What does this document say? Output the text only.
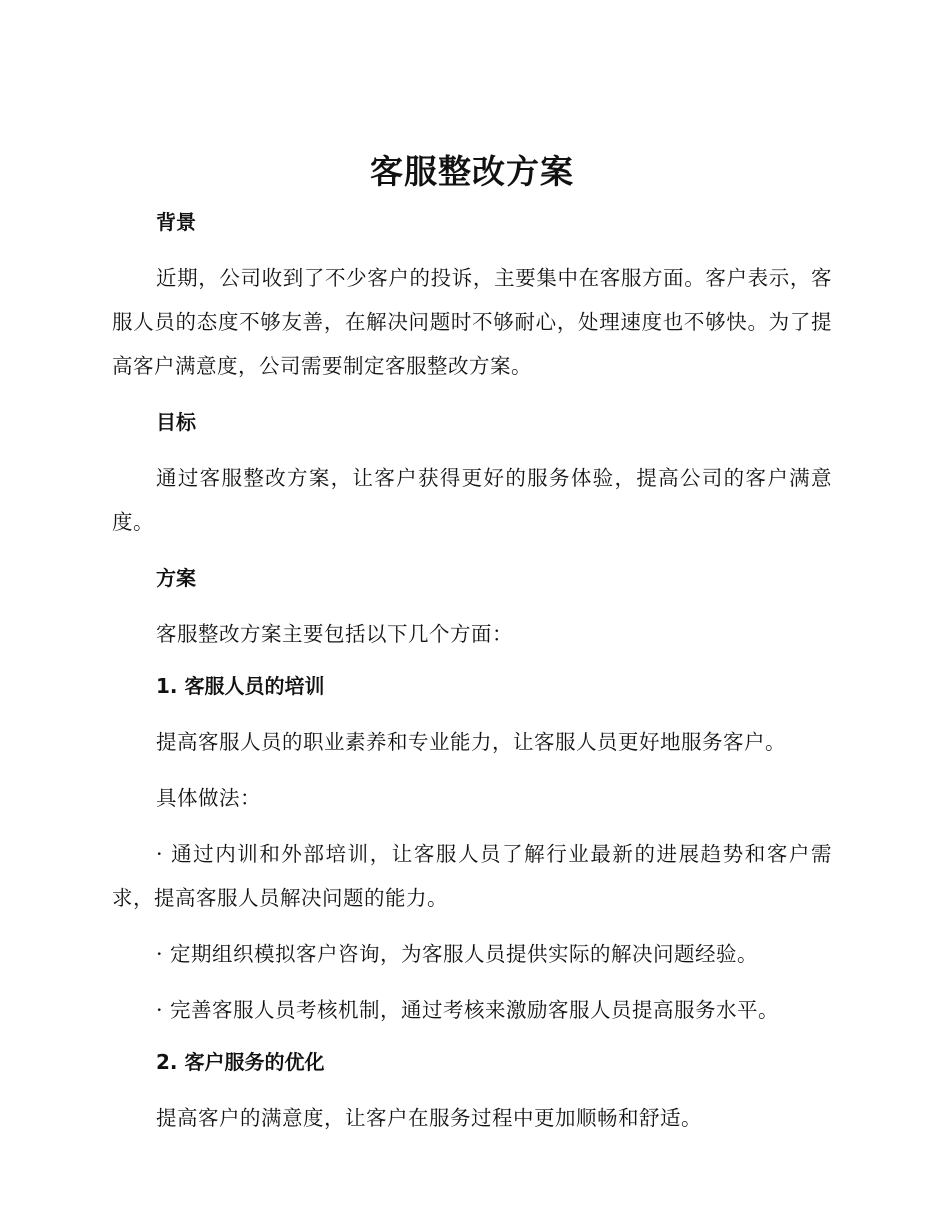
客服整改方案

背景

近期，公司收到了不少客户的投诉，主要集中在客服方面。客户表示，客服人员的态度不够友善，在解决问题时不够耐心，处理速度也不够快。为了提高客户满意度，公司需要制定客服整改方案。

目标

通过客服整改方案，让客户获得更好的服务体验，提高公司的客户满意度。

方案

客服整改方案主要包括以下几个方面：

1. 客服人员的培训

提高客服人员的职业素养和专业能力，让客服人员更好地服务客户。

具体做法：

· 通过内训和外部培训，让客服人员了解行业最新的进展趋势和客户需求，提高客服人员解决问题的能力。

· 定期组织模拟客户咨询，为客服人员提供实际的解决问题经验。

· 完善客服人员考核机制，通过考核来激励客服人员提高服务水平。

2. 客户服务的优化

提高客户的满意度，让客户在服务过程中更加顺畅和舒适。
